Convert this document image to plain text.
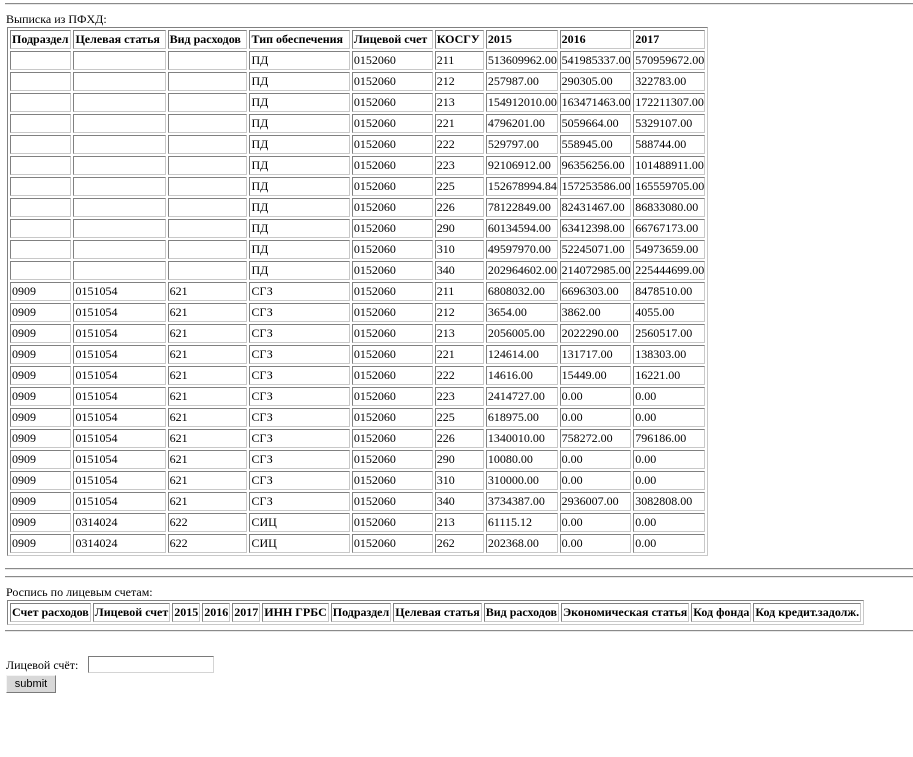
Выписка из ПФХД:
Подраздел	Целевая статья	Вид расходов	Тип обеспечения	Лицевой счет	КОСГУ	2015	2016	2017
			ПД	0152060	211	513609962.00	541985337.00	570959672.00
			ПД	0152060	212	257987.00	290305.00	322783.00
			ПД	0152060	213	154912010.00	163471463.00	172211307.00
			ПД	0152060	221	4796201.00	5059664.00	5329107.00
			ПД	0152060	222	529797.00	558945.00	588744.00
			ПД	0152060	223	92106912.00	96356256.00	101488911.00
			ПД	0152060	225	152678994.84	157253586.00	165559705.00
			ПД	0152060	226	78122849.00	82431467.00	86833080.00
			ПД	0152060	290	60134594.00	63412398.00	66767173.00
			ПД	0152060	310	49597970.00	52245071.00	54973659.00
			ПД	0152060	340	202964602.00	214072985.00	225444699.00
0909	0151054	621	СГЗ	0152060	211	6808032.00	6696303.00	8478510.00
0909	0151054	621	СГЗ	0152060	212	3654.00	3862.00	4055.00
0909	0151054	621	СГЗ	0152060	213	2056005.00	2022290.00	2560517.00
0909	0151054	621	СГЗ	0152060	221	124614.00	131717.00	138303.00
0909	0151054	621	СГЗ	0152060	222	14616.00	15449.00	16221.00
0909	0151054	621	СГЗ	0152060	223	2414727.00	0.00	0.00
0909	0151054	621	СГЗ	0152060	225	618975.00	0.00	0.00
0909	0151054	621	СГЗ	0152060	226	1340010.00	758272.00	796186.00
0909	0151054	621	СГЗ	0152060	290	10080.00	0.00	0.00
0909	0151054	621	СГЗ	0152060	310	310000.00	0.00	0.00
0909	0151054	621	СГЗ	0152060	340	3734387.00	2936007.00	3082808.00
0909	0314024	622	СИЦ	0152060	213	61115.12	0.00	0.00
0909	0314024	622	СИЦ	0152060	262	202368.00	0.00	0.00
Роспись по лицевым счетам:
Счет расходов	Лицевой счет	2015	2016	2017	ИНН ГРБС	Подраздел	Целевая статья	Вид расходов	Экономическая статья	Код фонда	Код кредит.задолж.
Лицевой счёт:
submit
